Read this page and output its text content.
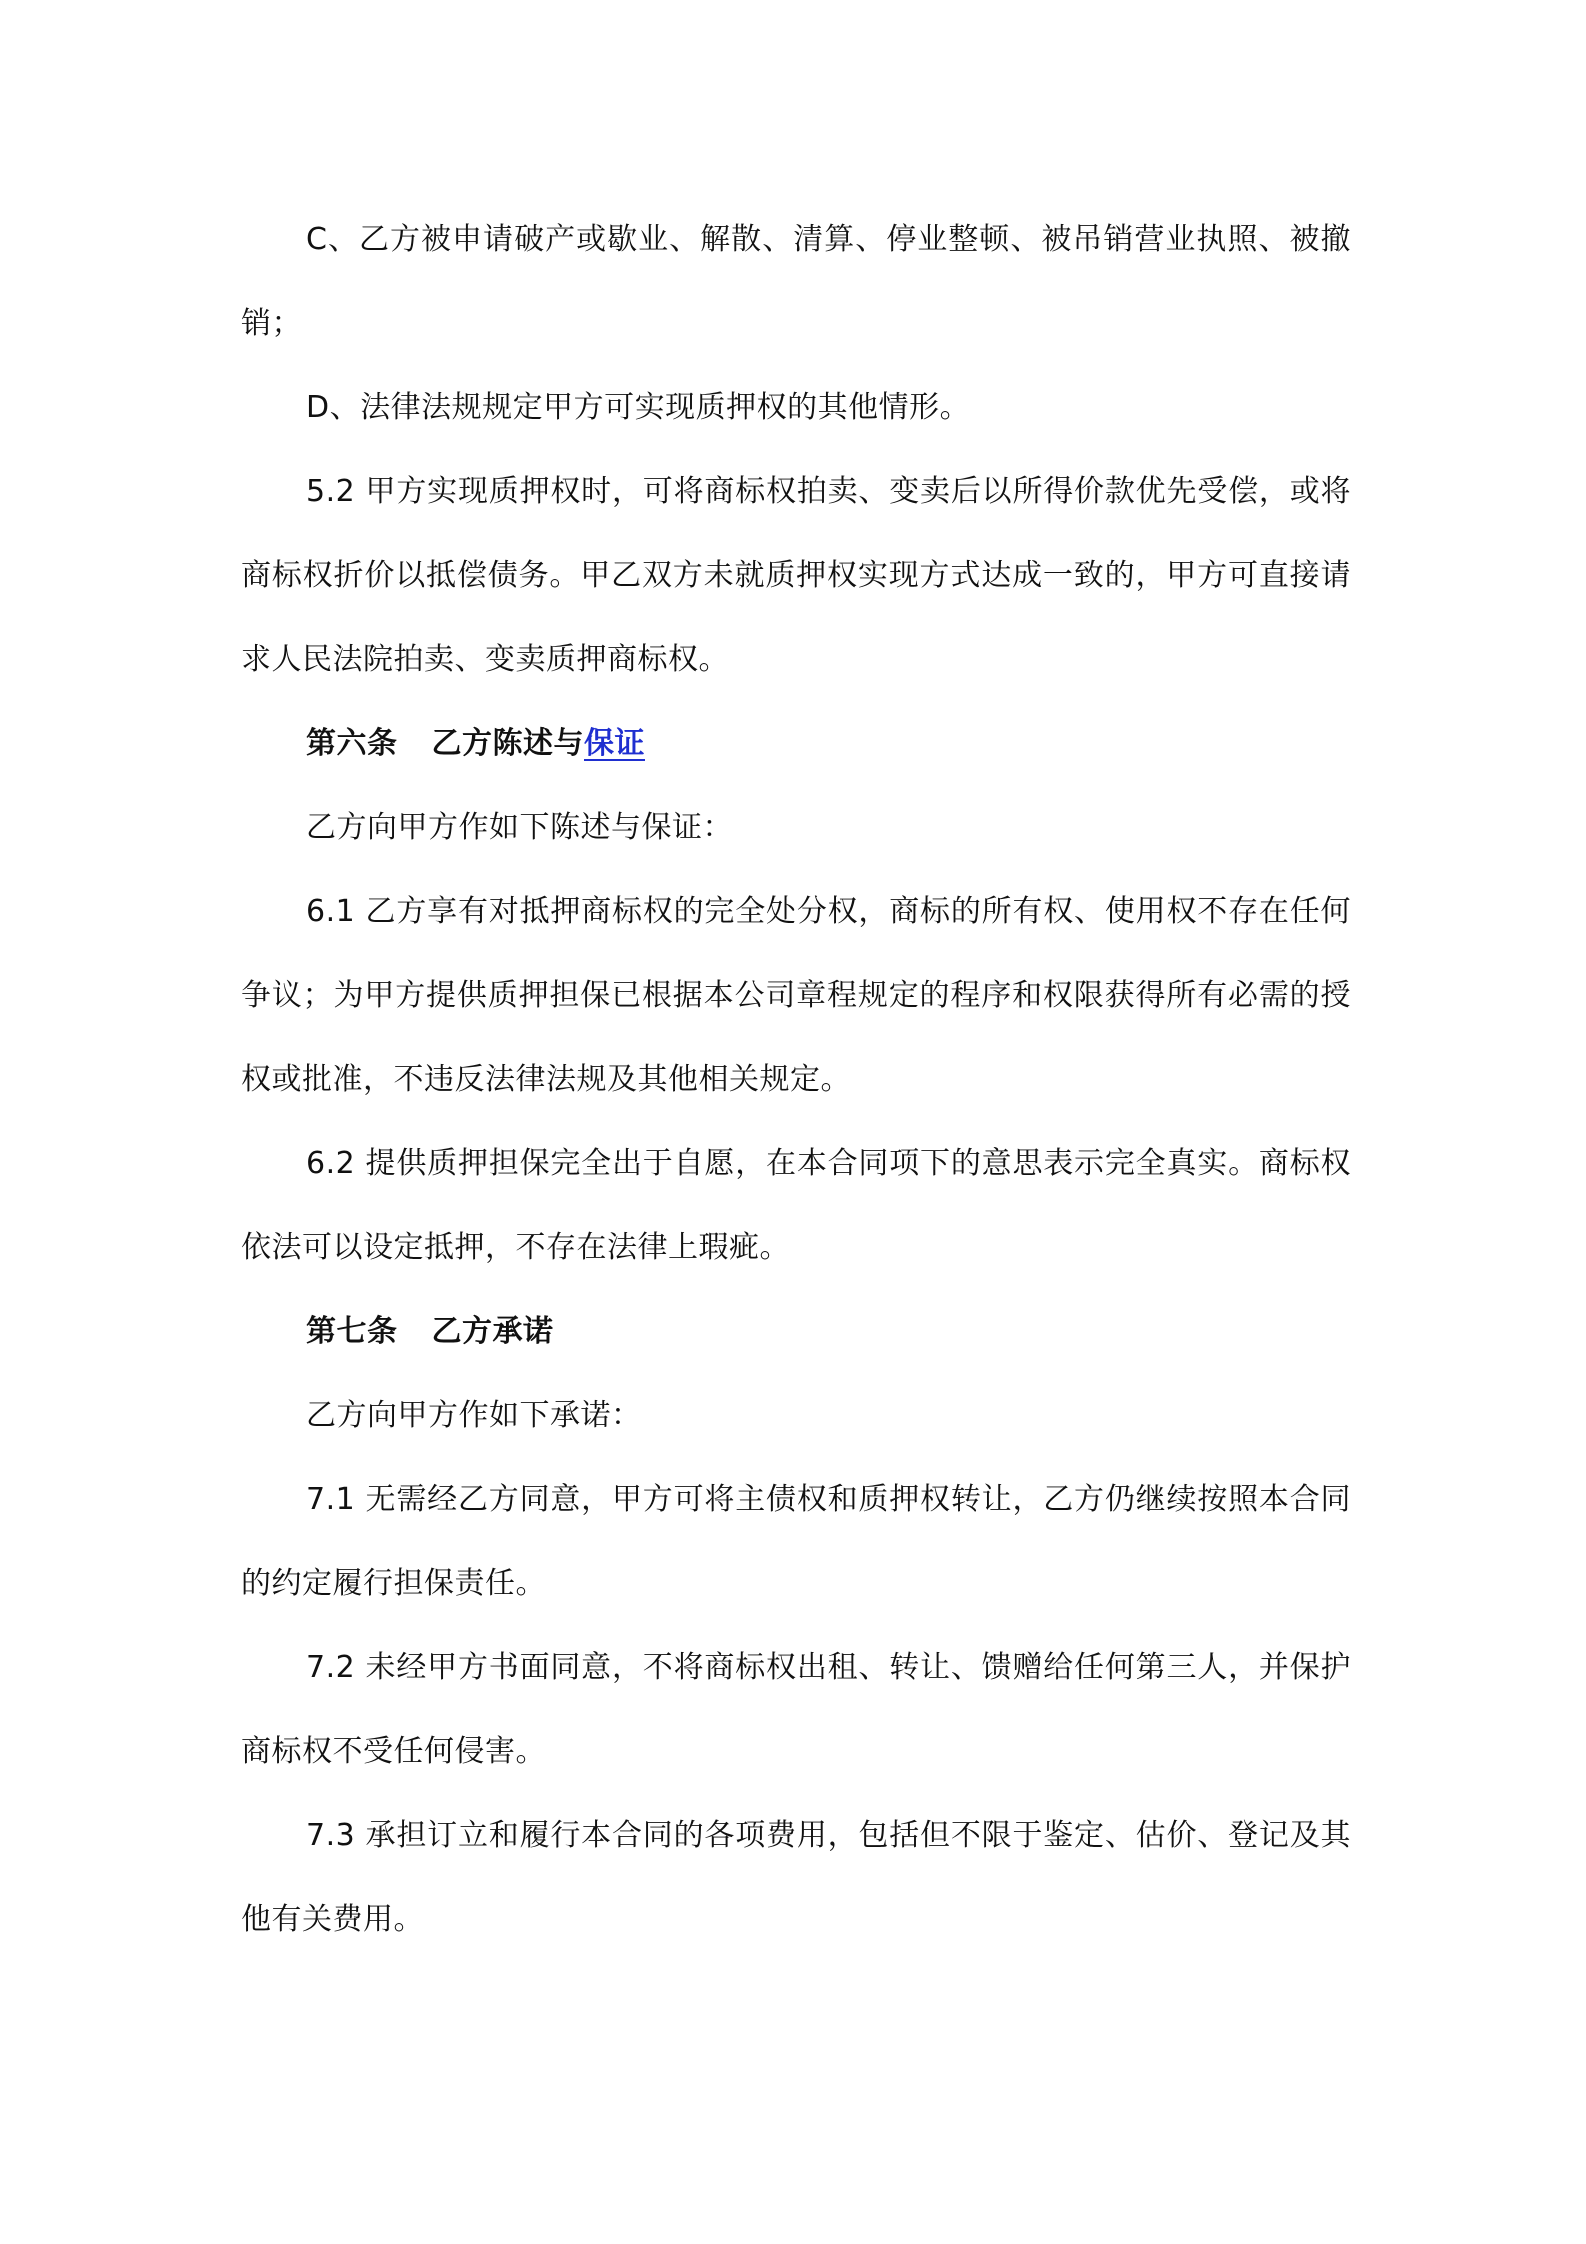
C、乙方被申请破产或歇业、解散、清算、停业整顿、被吊销营业执照、被撤销；

D、法律法规规定甲方可实现质押权的其他情形。

5.2 甲方实现质押权时，可将商标权拍卖、变卖后以所得价款优先受偿，或将商标权折价以抵偿债务。甲乙双方未就质押权实现方式达成一致的，甲方可直接请求人民法院拍卖、变卖质押商标权。

第六条 乙方陈述与保证

乙方向甲方作如下陈述与保证：

6.1 乙方享有对抵押商标权的完全处分权，商标的所有权、使用权不存在任何争议；为甲方提供质押担保已根据本公司章程规定的程序和权限获得所有必需的授权或批准，不违反法律法规及其他相关规定。

6.2 提供质押担保完全出于自愿，在本合同项下的意思表示完全真实。商标权依法可以设定抵押，不存在法律上瑕疵。

第七条 乙方承诺

乙方向甲方作如下承诺：

7.1 无需经乙方同意，甲方可将主债权和质押权转让，乙方仍继续按照本合同的约定履行担保责任。

7.2 未经甲方书面同意，不将商标权出租、转让、馈赠给任何第三人，并保护商标权不受任何侵害。

7.3 承担订立和履行本合同的各项费用，包括但不限于鉴定、估价、登记及其他有关费用。
